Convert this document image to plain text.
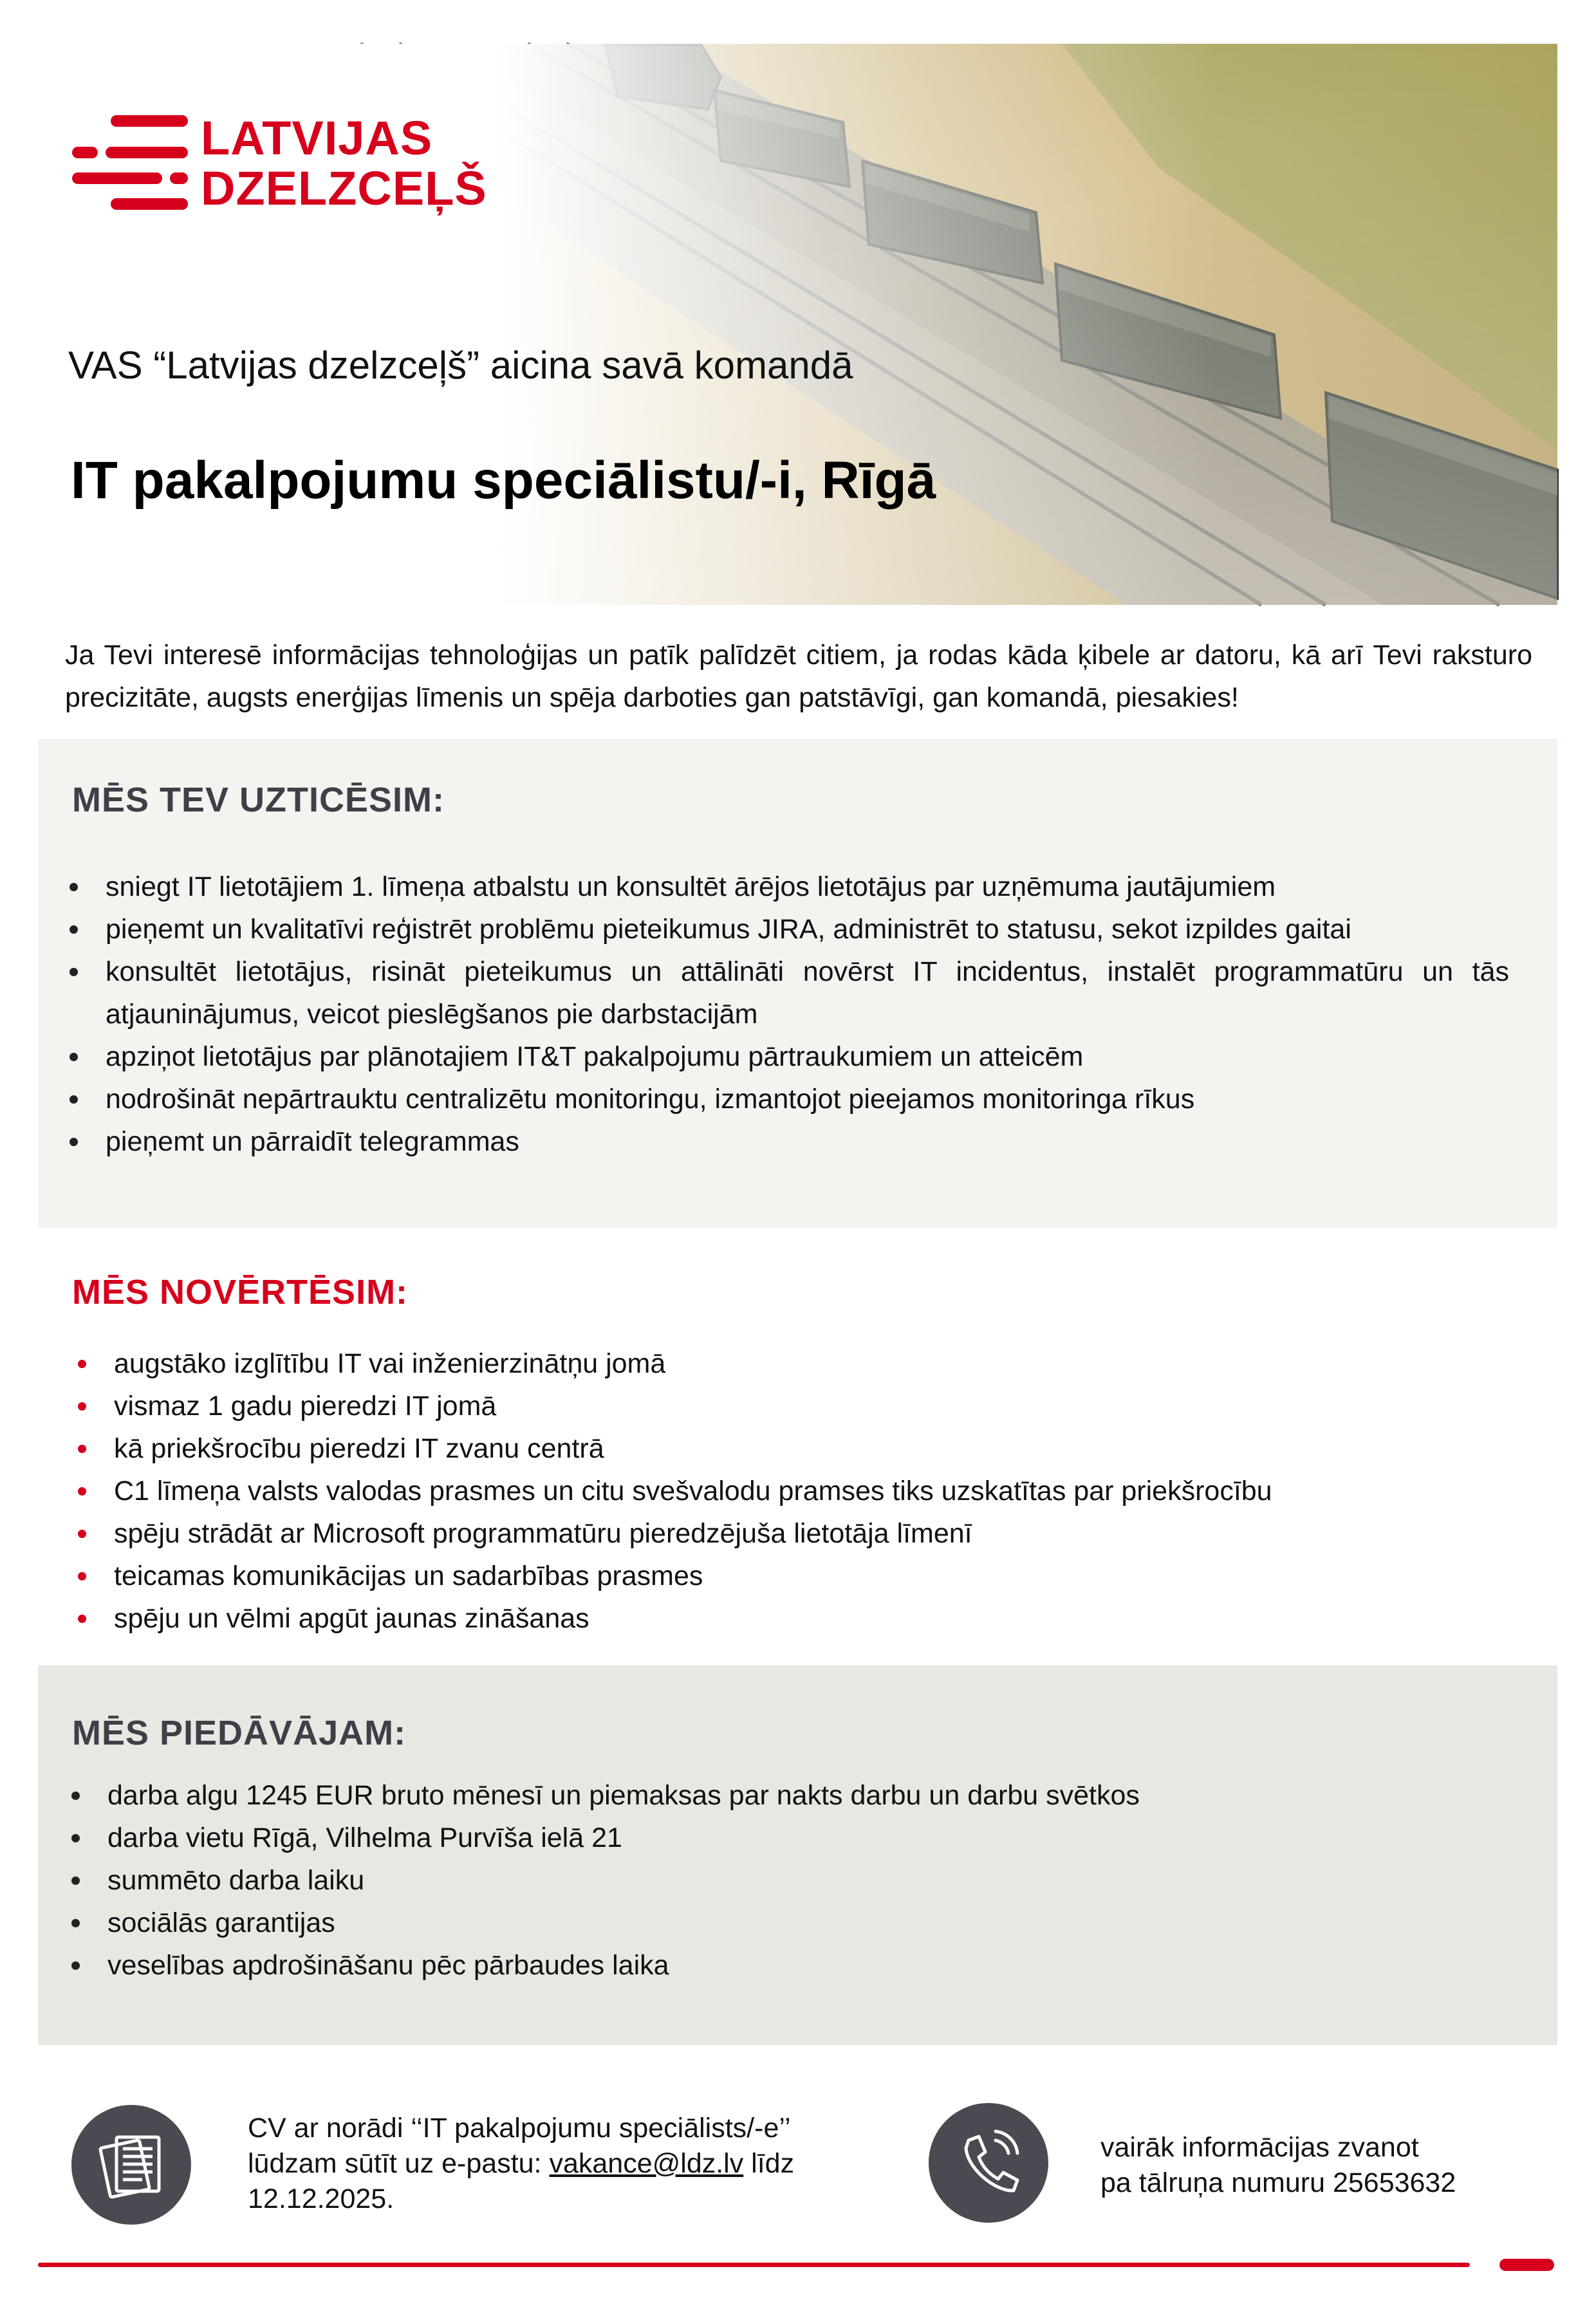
LATVIJAS
DZELZCEĻŠ
VAS “Latvijas dzelzceļš” aicina savā komandā
IT pakalpojumu speciālistu/-i, Rīgā
Ja Tevi interesē informācijas tehnoloģijas un patīk palīdzēt citiem, ja rodas kāda ķibele ar datoru, kā arī Tevi raksturo precizitāte, augsts enerģijas līmenis un spēja darboties gan patstāvīgi, gan komandā, piesakies!
MĒS TEV UZTICĒSIM:
sniegt IT lietotājiem 1. līmeņa atbalstu un konsultēt ārējos lietotājus par uzņēmuma jautājumiem
pieņemt un kvalitatīvi reģistrēt problēmu pieteikumus JIRA, administrēt to statusu, sekot izpildes gaitai
konsultēt lietotājus, risināt pieteikumus un attālināti novērst IT incidentus, instalēt programmatūru un tās atjauninājumus, veicot pieslēgšanos pie darbstacijām
apziņot lietotājus par plānotajiem IT&T pakalpojumu pārtraukumiem un atteicēm
nodrošināt nepārtrauktu centralizētu monitoringu, izmantojot pieejamos monitoringa rīkus
pieņemt un pārraidīt telegrammas
MĒS NOVĒRTĒSIM:
augstāko izglītību IT vai inženierzinātņu jomā
vismaz 1 gadu pieredzi IT jomā
kā priekšrocību pieredzi IT zvanu centrā
C1 līmeņa valsts valodas prasmes un citu svešvalodu pramses tiks uzskatītas par priekšrocību
spēju strādāt ar Microsoft programmatūru pieredzējuša lietotāja līmenī
teicamas komunikācijas un sadarbības prasmes
spēju un vēlmi apgūt jaunas zināšanas
MĒS PIEDĀVĀJAM:
darba algu 1245 EUR bruto mēnesī un piemaksas par nakts darbu un darbu svētkos
darba vietu Rīgā, Vilhelma Purvīša ielā 21
summēto darba laiku
sociālās garantijas
veselības apdrošināšanu pēc pārbaudes laika
CV ar norādi ‘‘IT pakalpojumu speciālists/-e’’
lūdzam sūtīt uz e-pastu: vakance@ldz.lv līdz
12.12.2025.
vairāk informācijas zvanot
pa tālruņa numuru 25653632
